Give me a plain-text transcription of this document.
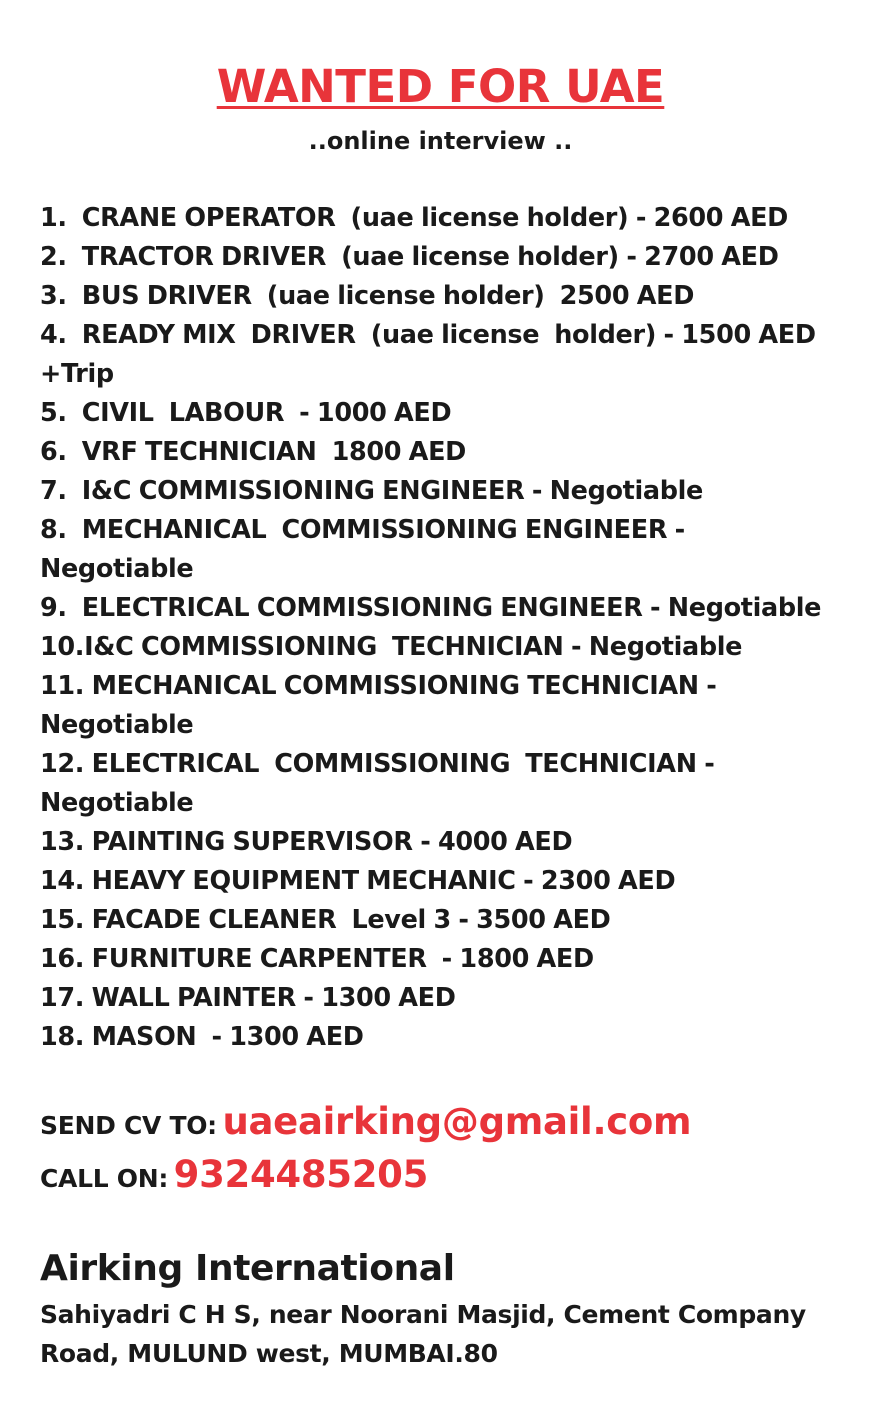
WANTED FOR UAE
..online interview ..
1.  CRANE OPERATOR  (uae license holder) - 2600 AED
2.  TRACTOR DRIVER  (uae license holder) - 2700 AED
3.  BUS DRIVER  (uae license holder)  2500 AED
4.  READY MIX  DRIVER  (uae license  holder) - 1500 AED +Trip
5.  CIVIL  LABOUR  - 1000 AED
6.  VRF TECHNICIAN  1800 AED
7.  I&C COMMISSIONING ENGINEER - Negotiable
8.  MECHANICAL  COMMISSIONING ENGINEER - Negotiable
9.  ELECTRICAL COMMISSIONING ENGINEER - Negotiable
10.I&C COMMISSIONING  TECHNICIAN - Negotiable
11. MECHANICAL COMMISSIONING TECHNICIAN - Negotiable
12. ELECTRICAL  COMMISSIONING  TECHNICIAN - Negotiable
13. PAINTING SUPERVISOR - 4000 AED
14. HEAVY EQUIPMENT MECHANIC - 2300 AED
15. FACADE CLEANER  Level 3 - 3500 AED
16. FURNITURE CARPENTER  - 1800 AED
17. WALL PAINTER - 1300 AED
18. MASON  - 1300 AED
SEND CV TO: uaeairking@gmail.com
CALL ON: 9324485205
Airking International
Sahiyadri C H S, near Noorani Masjid, Cement Company Road, MULUND west, MUMBAI.80
